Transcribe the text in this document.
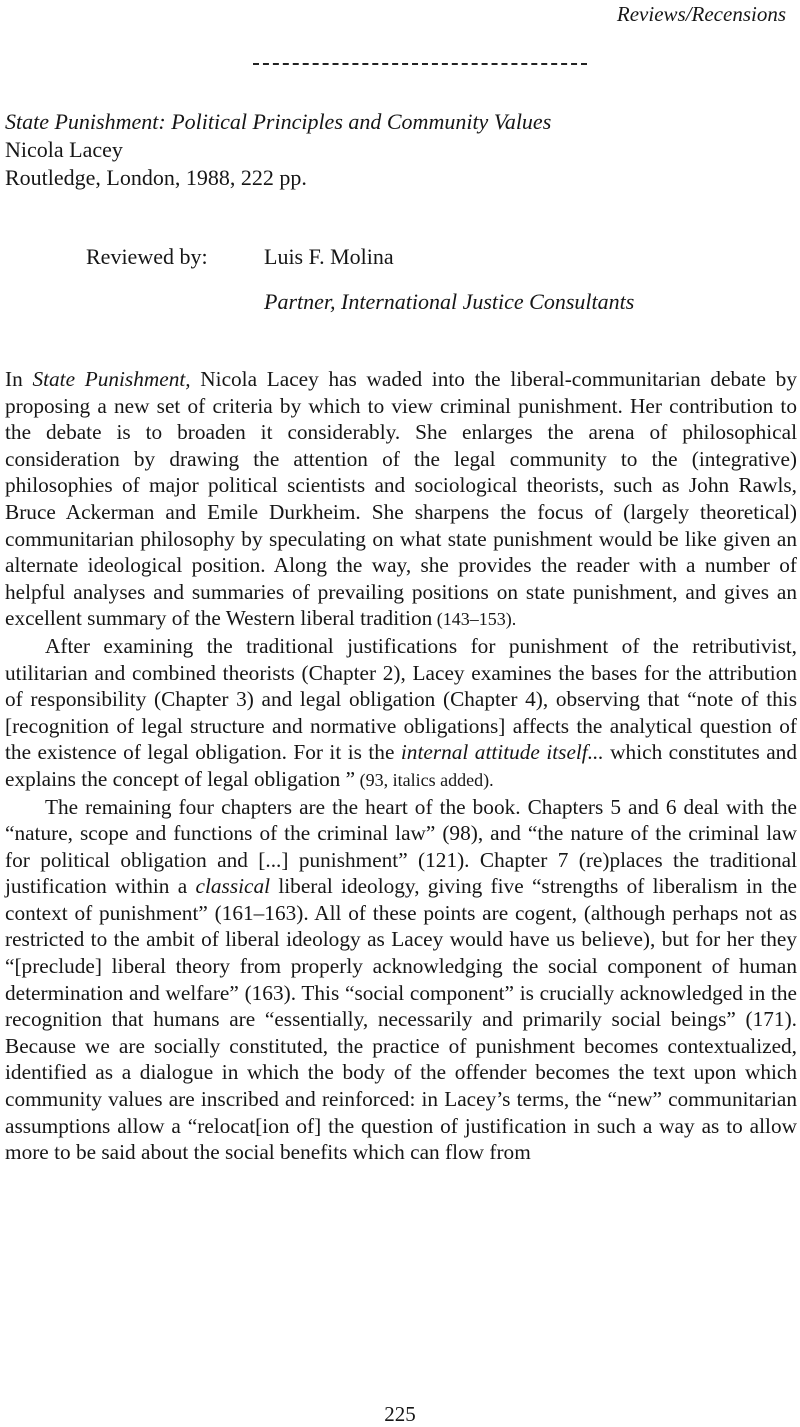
Reviews/Recensions
State Punishment: Political Principles and Community Values
Nicola Lacey
Routledge, London, 1988, 222 pp.
Reviewed by:	Luis F. Molina
Partner, International Justice Consultants

In State Punishment, Nicola Lacey has waded into the liberal-communitarian debate by proposing a new set of criteria by which to view criminal punishment. Her contribution to the debate is to broaden it considerably. She enlarges the arena of philosophical consideration by drawing the attention of the legal community to the (integrative) philosophies of major political scientists and sociological theorists, such as John Rawls, Bruce Ackerman and Emile Durkheim. She sharpens the focus of (largely theoretical) communitarian philosophy by speculating on what state punishment would be like given an alternate ideological position. Along the way, she provides the reader with a number of helpful analyses and summaries of prevailing positions on state punishment, and gives an excellent summary of the Western liberal tradition (143–153).

After examining the traditional justifications for punishment of the retributivist, utilitarian and combined theorists (Chapter 2), Lacey examines the bases for the attribution of responsibility (Chapter 3) and legal obligation (Chapter 4), observing that “note of this [recognition of legal structure and normative obligations] affects the analytical question of the existence of legal obligation. For it is the internal attitude itself... which constitutes and explains the concept of legal obligation ” (93, italics added).

The remaining four chapters are the heart of the book. Chapters 5 and 6 deal with the “nature, scope and functions of the criminal law” (98), and “the nature of the criminal law for political obligation and [...] punishment” (121). Chapter 7 (re)places the traditional justification within a classical liberal ideology, giving five “strengths of liberalism in the context of punishment” (161–163). All of these points are cogent, (although perhaps not as restricted to the ambit of liberal ideology as Lacey would have us believe), but for her they “[preclude] liberal theory from properly acknowledging the social component of human determination and welfare” (163). This “social component” is crucially acknowledged in the recognition that humans are “essentially, necessarily and primarily social beings” (171). Because we are socially constituted, the practice of punishment becomes contextualized, identified as a dialogue in which the body of the offender becomes the text upon which community values are inscribed and reinforced: in Lacey’s terms, the “new” communitarian assumptions allow a “relocat[ion of] the question of justification in such a way as to allow more to be said about the social benefits which can flow from

225
